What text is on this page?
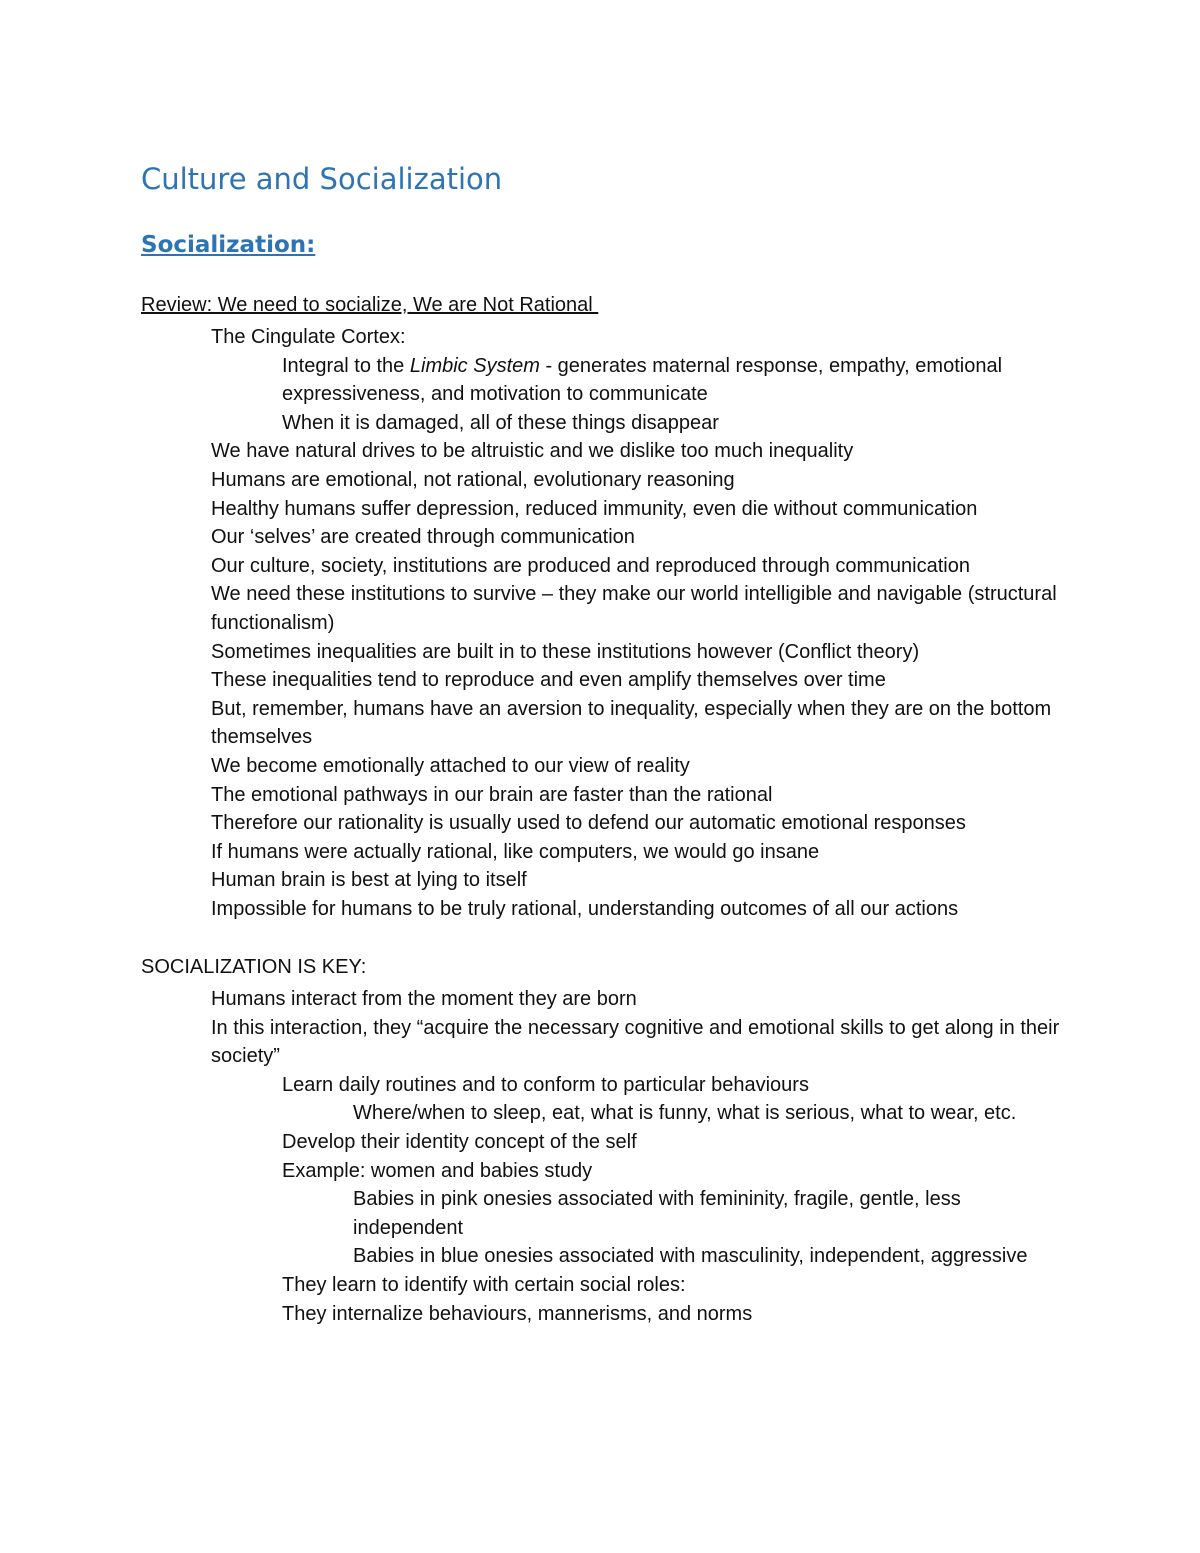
Culture and Socialization
Socialization:
Review: We need to socialize, We are Not Rational
The Cingulate Cortex:
Integral to the Limbic System - generates maternal response, empathy, emotional expressiveness, and motivation to communicate
When it is damaged, all of these things disappear
We have natural drives to be altruistic and we dislike too much inequality
Humans are emotional, not rational, evolutionary reasoning
Healthy humans suffer depression, reduced immunity, even die without communication
Our ‘selves’ are created through communication
Our culture, society, institutions are produced and reproduced through communication
We need these institutions to survive – they make our world intelligible and navigable (structural functionalism)
Sometimes inequalities are built in to these institutions however (Conflict theory)
These inequalities tend to reproduce and even amplify themselves over time
But, remember, humans have an aversion to inequality, especially when they are on the bottom themselves
We become emotionally attached to our view of reality
The emotional pathways in our brain are faster than the rational
Therefore our rationality is usually used to defend our automatic emotional responses
If humans were actually rational, like computers, we would go insane
Human brain is best at lying to itself
Impossible for humans to be truly rational, understanding outcomes of all our actions
SOCIALIZATION IS KEY:
Humans interact from the moment they are born
In this interaction, they “acquire the necessary cognitive and emotional skills to get along in their society”
Learn daily routines and to conform to particular behaviours
Where/when to sleep, eat, what is funny, what is serious, what to wear, etc.
Develop their identity concept of the self
Example: women and babies study
Babies in pink onesies associated with femininity, fragile, gentle, less independent
Babies in blue onesies associated with masculinity, independent, aggressive
They learn to identify with certain social roles:
They internalize behaviours, mannerisms, and norms
